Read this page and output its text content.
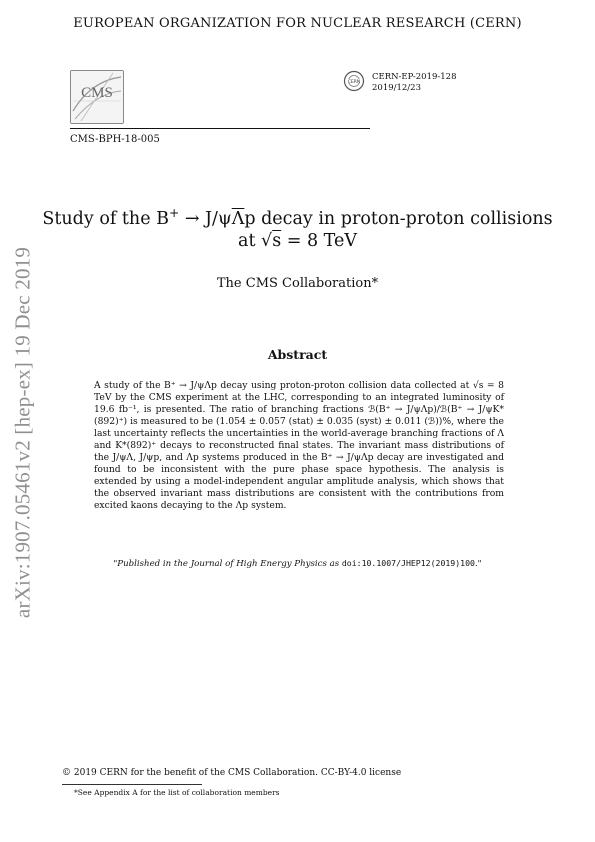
EUROPEAN ORGANIZATION FOR NUCLEAR RESEARCH (CERN)
CMS
CMS-BPH-18-005
CERN
CERN-EP-2019-128
2019/12/23
Study of the $B^+ \to J/\psi\overline{\Lambda}p$ decay in proton-proton collisions
at √s = 8 TeV
The CMS Collaboration*
Abstract
A study of the B⁺ → J/ψΛp decay using proton-proton collision data collected at √s = 8 TeV by the CMS experiment at the LHC, corresponding to an integrated luminosity of 19.6 fb⁻¹, is presented. The ratio of branching fractions ℬ(B⁺ → J/ψΛp)/ℬ(B⁺ → J/ψK*(892)⁺) is measured to be (1.054 ± 0.057 (stat) ± 0.035 (syst) ± 0.011 (ℬ))%, where the last uncertainty reflects the uncertainties in the world-average branching fractions of Λ and K*(892)⁺ decays to reconstructed final states. The invariant mass distributions of the J/ψΛ, J/ψp, and Λp systems produced in the B⁺ → J/ψΛp decay are investigated and found to be inconsistent with the pure phase space hypothesis. The analysis is extended by using a model-independent angular amplitude analysis, which shows that the observed invariant mass distributions are consistent with the contributions from excited kaons decaying to the Λp system.
"Published in the Journal of High Energy Physics as doi:10.1007/JHEP12(2019)100."
© 2019 CERN for the benefit of the CMS Collaboration. CC-BY-4.0 license
*See Appendix A for the list of collaboration members
arXiv:1907.05461v2 [hep-ex] 19 Dec 2019
